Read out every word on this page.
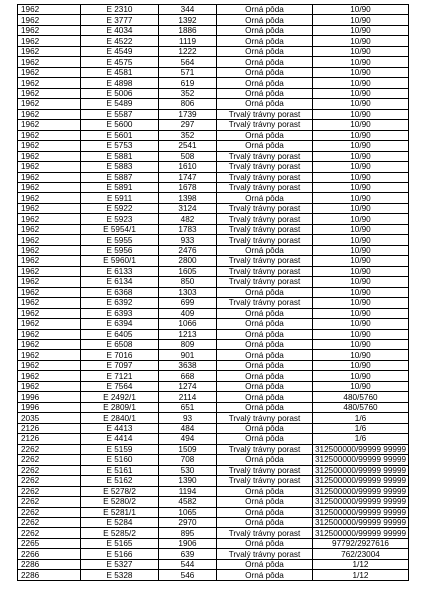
1962	E 2310	344	Orná pôda	10/90
1962	E 3777	1392	Orná pôda	10/90
1962	E 4034	1886	Orná pôda	10/90
1962	E 4522	1119	Orná pôda	10/90
1962	E 4549	1222	Orná pôda	10/90
1962	E 4575	564	Orná pôda	10/90
1962	E 4581	571	Orná pôda	10/90
1962	E 4898	619	Orná pôda	10/90
1962	E 5006	352	Orná pôda	10/90
1962	E 5489	806	Orná pôda	10/90
1962	E 5587	1739	Trvalý trávny porast	10/90
1962	E 5600	297	Trvalý trávny porast	10/90
1962	E 5601	352	Orná pôda	10/90
1962	E 5753	2541	Orná pôda	10/90
1962	E 5881	508	Trvalý trávny porast	10/90
1962	E 5883	1610	Trvalý trávny porast	10/90
1962	E 5887	1747	Trvalý trávny porast	10/90
1962	E 5891	1678	Trvalý trávny porast	10/90
1962	E 5911	1398	Orná pôda	10/90
1962	E 5922	3124	Trvalý trávny porast	10/90
1962	E 5923	482	Trvalý trávny porast	10/90
1962	E 5954/1	1783	Trvalý trávny porast	10/90
1962	E 5955	933	Trvalý trávny porast	10/90
1962	E 5956	2476	Orná pôda	10/90
1962	E 5960/1	2800	Trvalý trávny porast	10/90
1962	E 6133	1605	Trvalý trávny porast	10/90
1962	E 6134	850	Trvalý trávny porast	10/90
1962	E 6368	1303	Orná pôda	10/90
1962	E 6392	699	Trvalý trávny porast	10/90
1962	E 6393	409	Orná pôda	10/90
1962	E 6394	1066	Orná pôda	10/90
1962	E 6405	1213	Orná pôda	10/90
1962	E 6508	809	Orná pôda	10/90
1962	E 7016	901	Orná pôda	10/90
1962	E 7097	3638	Orná pôda	10/90
1962	E 7121	668	Orná pôda	10/90
1962	E 7564	1274	Orná pôda	10/90
1996	E 2492/1	2114	Orná pôda	480/5760
1996	E 2809/1	651	Orná pôda	480/5760
2035	E 2840/1	93	Trvalý trávny porast	1/6
2126	E 4413	484	Orná pôda	1/6
2126	E 4414	494	Orná pôda	1/6
2262	E 5159	1509	Trvalý trávny porast	312500000/99999 99999
2262	E 5160	708	Orná pôda	312500000/99999 99999
2262	E 5161	530	Trvalý trávny porast	312500000/99999 99999
2262	E 5162	1390	Trvalý trávny porast	312500000/99999 99999
2262	E 5278/2	1194	Orná pôda	312500000/99999 99999
2262	E 5280/2	4582	Orná pôda	312500000/99999 99999
2262	E 5281/1	1065	Orná pôda	312500000/99999 99999
2262	E 5284	2970	Orná pôda	312500000/99999 99999
2262	E 5285/2	895	Trvalý trávny porast	312500000/99999 99999
2265	E 5165	1906	Orná pôda	97792/2927616
2266	E 5166	639	Trvalý trávny porast	762/23004
2286	E 5327	544	Orná pôda	1/12
2286	E 5328	546	Orná pôda	1/12
